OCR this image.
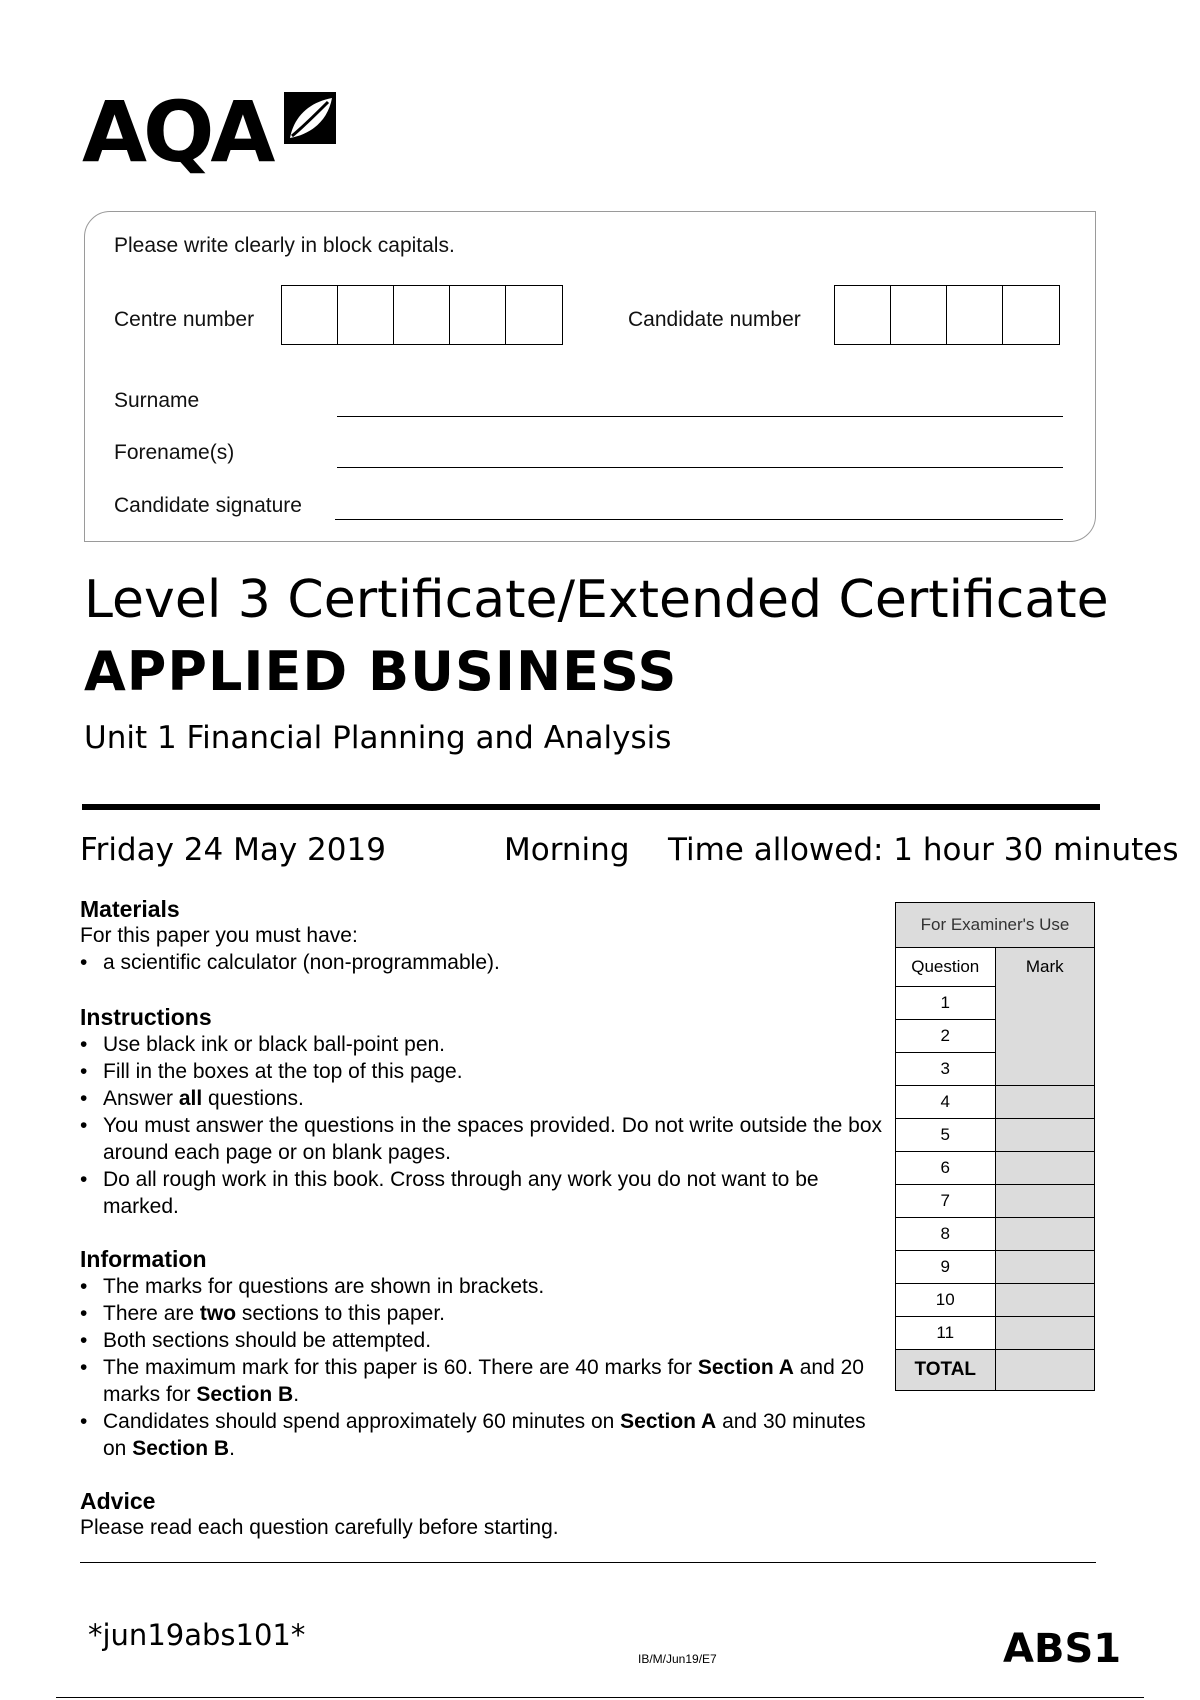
AQA
Please write clearly in block capitals.
Centre number	Candidate number
Surname
Forename(s)
Candidate signature
Level 3 Certificate/Extended Certificate
APPLIED BUSINESS
Unit 1 Financial Planning and Analysis
Friday 24 May 2019	Morning Time allowed: 1 hour 30 minutes
Materials
For this paper you must have:
• a scientific calculator (non-programmable).
Instructions
• Use black ink or black ball-point pen.
• Fill in the boxes at the top of this page.
• Answer all questions.
• You must answer the questions in the spaces provided. Do not write outside the box around each page or on blank pages.
• Do all rough work in this book. Cross through any work you do not want to be marked.
Information
• The marks for questions are shown in brackets.
• There are two sections to this paper.
• Both sections should be attempted.
• The maximum mark for this paper is 60. There are 40 marks for Section A and 20 marks for Section B.
• Candidates should spend approximately 60 minutes on Section A and 30 minutes on Section B.
Advice
Please read each question carefully before starting.
For Examiner's Use	
Question	Mark
1	
2	
3	
4	
5	
6	
7	
8	
9	
10	
11	
TOTAL	
*jun19abs101*
IB/M/Jun19/E7	ABS1
